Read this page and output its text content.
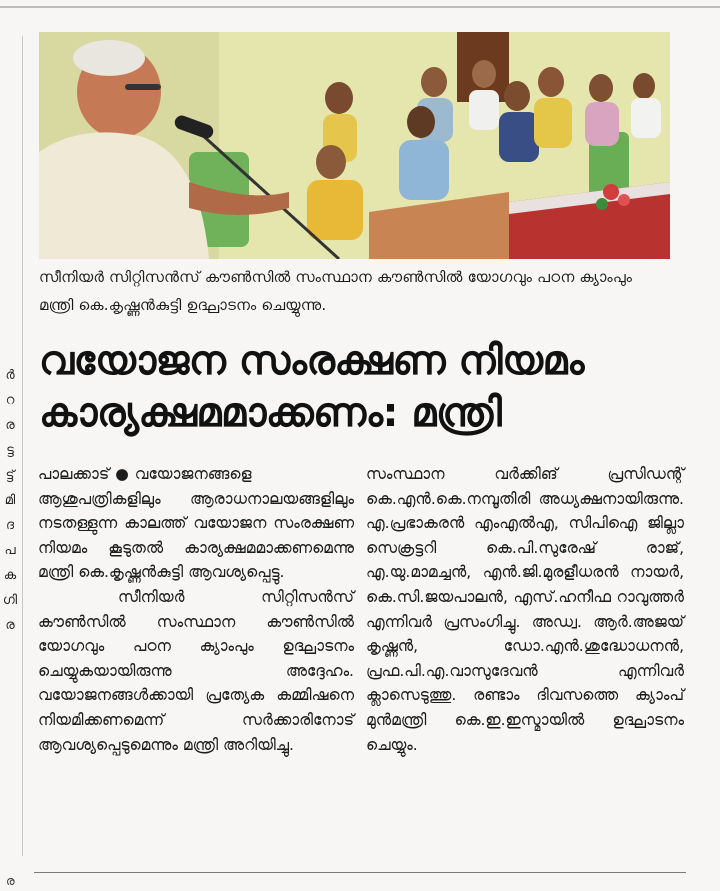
ർ
റ
ര
ട്ട
ട്ട്
മി
ദ
പ
ക
ഗി
ര
സീനിയർ സിറ്റിസൻസ് കൗൺസിൽ സംസ്ഥാന കൗൺസിൽ യോഗവും പഠന ക്യാംപും മന്ത്രി കെ.കൃഷ്ണൻകുട്ടി ഉദ്ഘാടനം ചെയ്യുന്നു.
വയോജന സംരക്ഷണ നിയമം കാര്യക്ഷമമാക്കണം: മന്ത്രി

പാലക്കാട് ● വയോജനങ്ങളെ ആശുപത്രികളിലും ആരാധനാലയങ്ങളിലും നടതള്ളുന്ന കാലത്ത് വയോജന സംരക്ഷണ നിയമം കൂടുതൽ കാര്യക്ഷമമാക്കണമെന്നു മന്ത്രി കെ.കൃഷ്ണൻകുട്ടി ആവശ്യപ്പെട്ടു.

സീനിയർ സിറ്റിസൻസ് കൗൺസിൽ സംസ്ഥാന കൗൺസിൽ യോഗവും പഠന ക്യാംപും ഉദ്ഘാടനം ചെയ്യുകയായിരുന്നു അദ്ദേഹം. വയോജനങ്ങൾക്കായി പ്രത്യേക കമ്മിഷനെ നിയമിക്കണമെന്ന് സർക്കാരിനോട് ആവശ്യപ്പെടുമെന്നും മന്ത്രി അറിയിച്ചു.

സംസ്ഥാന വർക്കിങ് പ്രസിഡന്റ് കെ.എൻ.കെ.നമ്പൂതിരി അധ്യക്ഷനായിരുന്നു. എ.പ്രഭാകരൻ എംഎൽഎ, സിപിഐ ജില്ലാ സെക്രട്ടറി കെ.പി.സുരേഷ് രാജ്, എ.യു.മാമച്ചൻ, എൻ.ജി.മുരളീധരൻ നായർ, കെ.സി.ജയപാലൻ, എസ്.ഹനീഫ റാവുത്തർ എന്നിവർ പ്രസംഗിച്ചു. അഡ്വ. ആർ.അജയ് കൃഷ്ണൻ, ഡോ.എൻ.ശുദ്ധോധനൻ, പ്രഫ.പി.എ.വാസുദേവൻ എന്നിവർ ക്ലാസെടുത്തു. രണ്ടാം ദിവസത്തെ ക്യാംപ് മുൻമന്ത്രി കെ.ഇ.ഇസ്മായിൽ ഉദ്ഘാടനം ചെയ്യും.

ര
